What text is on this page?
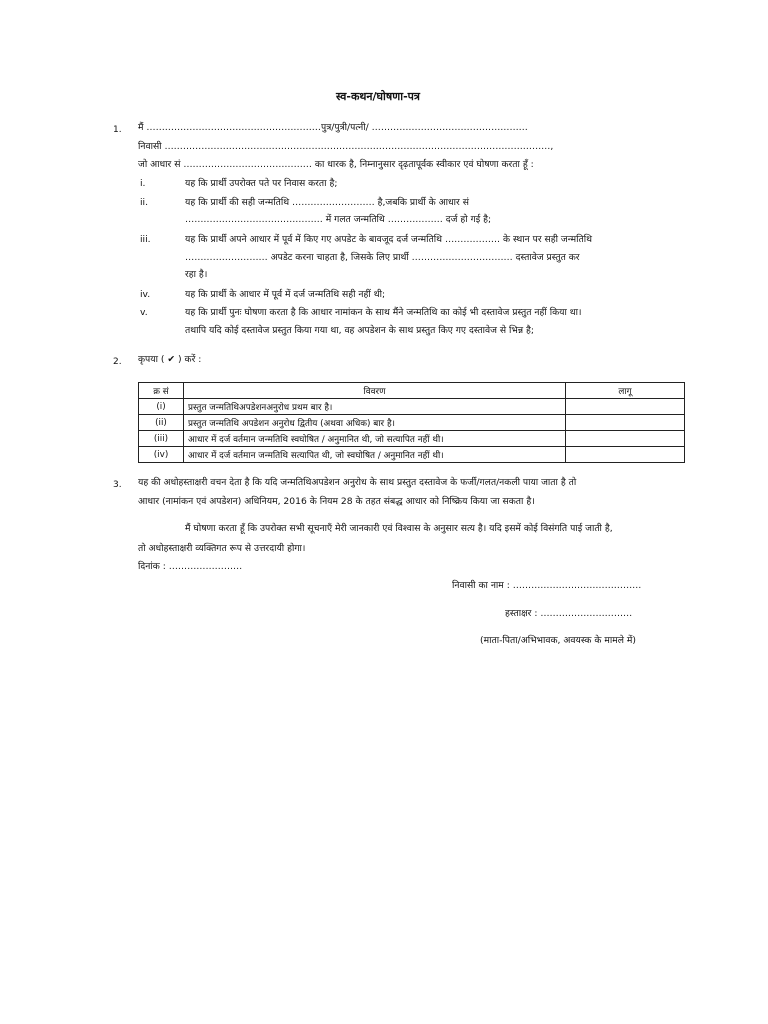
स्व-कथन/घोषणा-पत्र
1. मैं …………………………………………………पुत्र/पुत्री/पत्नी/ ……………………………………………
निवासी ………………………………………………………………………………………………………………,
जो आधार सं …………………………………… का धारक है, निम्नानुसार दृढ़तापूर्वक स्वीकार एवं घोषणा करता हूँ :
i.	यह कि प्रार्थी उपरोक्त पते पर निवास करता है;
ii.	यह कि प्रार्थी की सही जन्मतिथि ……………………… है,जबकि प्रार्थी के आधार सं
……………………………………… में गलत जन्मतिथि ……………… दर्ज हो गई है;
iii.	यह कि प्रार्थी अपने आधार में पूर्व में किए गए अपडेट के बावजूद दर्ज जन्मतिथि ……………… के स्थान पर सही जन्मतिथि
……………………… अपडेट करना चाहता है, जिसके लिए प्रार्थी …………………………… दस्तावेज प्रस्तुत कर
रहा है।
iv.	यह कि प्रार्थी के आधार में पूर्व में दर्ज जन्मतिथि सही नहीं थी;
v.	यह कि प्रार्थी पुनः घोषणा करता है कि आधार नामांकन के साथ मैंने जन्मतिथि का कोई भी दस्तावेज प्रस्तुत नहीं किया था।
तथापि यदि कोई दस्तावेज प्रस्तुत किया गया था, वह अपडेशन के साथ प्रस्तुत किए गए दस्तावेज से भिन्न है;
2. कृपया ( ✔ ) करें :
क्र सं	विवरण	लागू
(i)	प्रस्तुत जन्मतिथिअपडेशनअनुरोध प्रथम बार है।	
(ii)	प्रस्तुत जन्मतिथि अपडेशन अनुरोध द्वितीय (अथवा अधिक) बार है।	
(iii)	आधार में दर्ज वर्तमान जन्मतिथि स्वघोषित / अनुमानित थी, जो सत्यापित नहीं थी।	
(iv)	आधार में दर्ज वर्तमान जन्मतिथि सत्यापित थी, जो स्वघोषित / अनुमानित नहीं थी।	
3. यह की अधोहस्ताक्षरी वचन देता है कि यदि जन्मतिथिअपडेशन अनुरोध के साथ प्रस्तुत दस्तावेज के फर्जी/गलत/नकली पाया जाता है तो
आधार (नामांकन एवं अपडेशन) अधिनियम, 2016 के नियम 28 के तहत संबद्ध आधार को निष्क्रिय किया जा सकता है।
मैं घोषणा करता हूँ कि उपरोक्त सभी सूचनाएँ मेरी जानकारी एवं विश्वास के अनुसार सत्य है। यदि इसमें कोई विसंगति पाई जाती है,
तो अधोहस्ताक्षरी व्यक्तिगत रूप से उत्तरदायी होगा।
दिनांक : ……………………
निवासी का नाम : ……………………………………
हस्ताक्षर : …………………………
(माता-पिता/अभिभावक, अवयस्क के मामले में)
